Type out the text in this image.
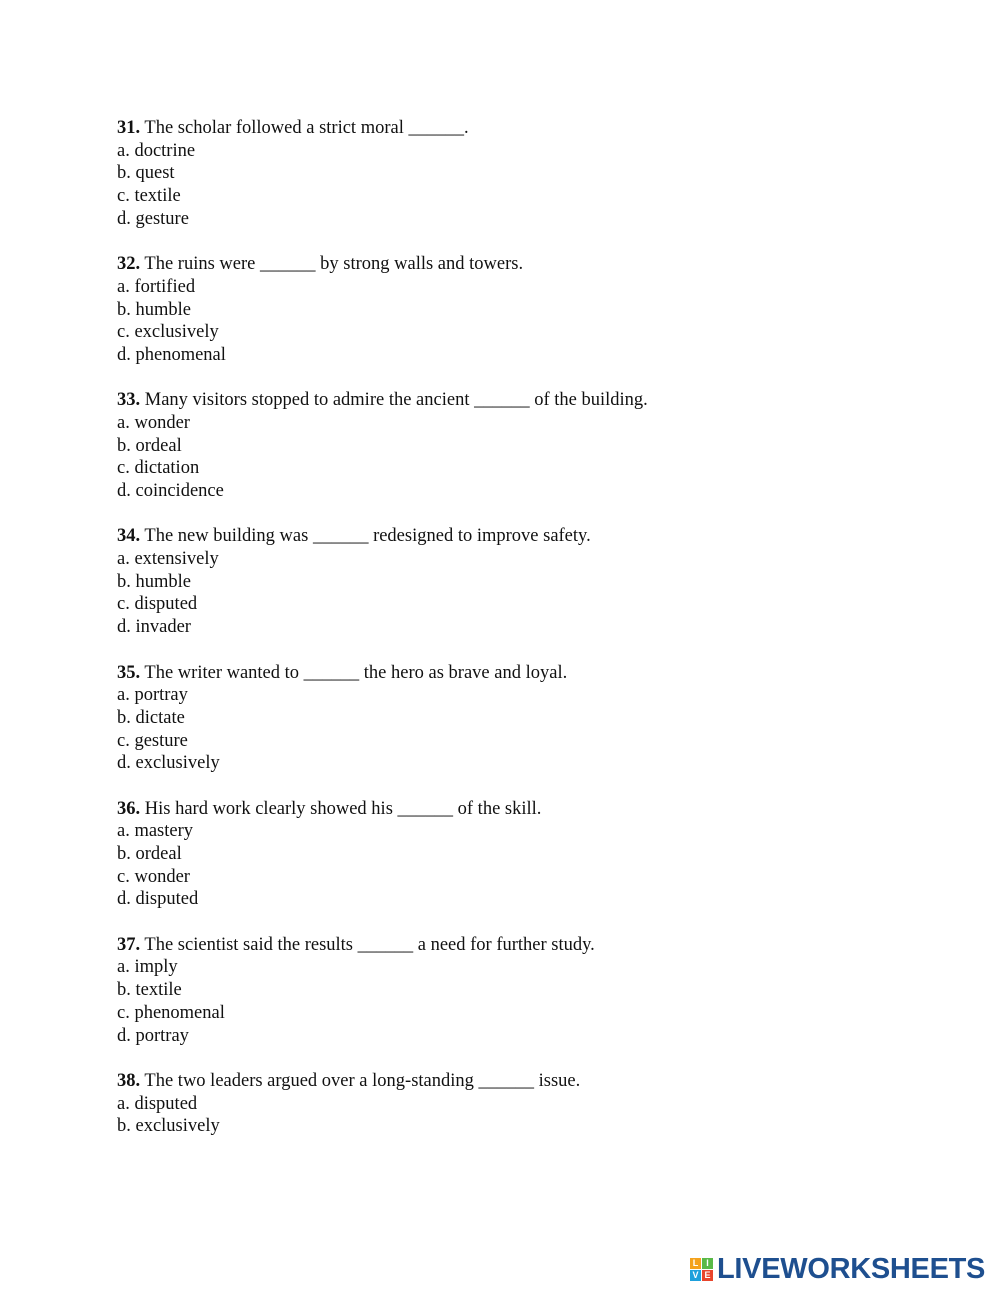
31. The scholar followed a strict moral ______.
a. doctrine
b. quest
c. textile
d. gesture
32. The ruins were ______ by strong walls and towers.
a. fortified
b. humble
c. exclusively
d. phenomenal
33. Many visitors stopped to admire the ancient ______ of the building.
a. wonder
b. ordeal
c. dictation
d. coincidence
34. The new building was ______ redesigned to improve safety.
a. extensively
b. humble
c. disputed
d. invader
35. The writer wanted to ______ the hero as brave and loyal.
a. portray
b. dictate
c. gesture
d. exclusively
36. His hard work clearly showed his ______ of the skill.
a. mastery
b. ordeal
c. wonder
d. disputed
37. The scientist said the results ______ a need for further study.
a. imply
b. textile
c. phenomenal
d. portray
38. The two leaders argued over a long-standing ______ issue.
a. disputed
b. exclusively
L I
V E LIVEWORKSHEETS
